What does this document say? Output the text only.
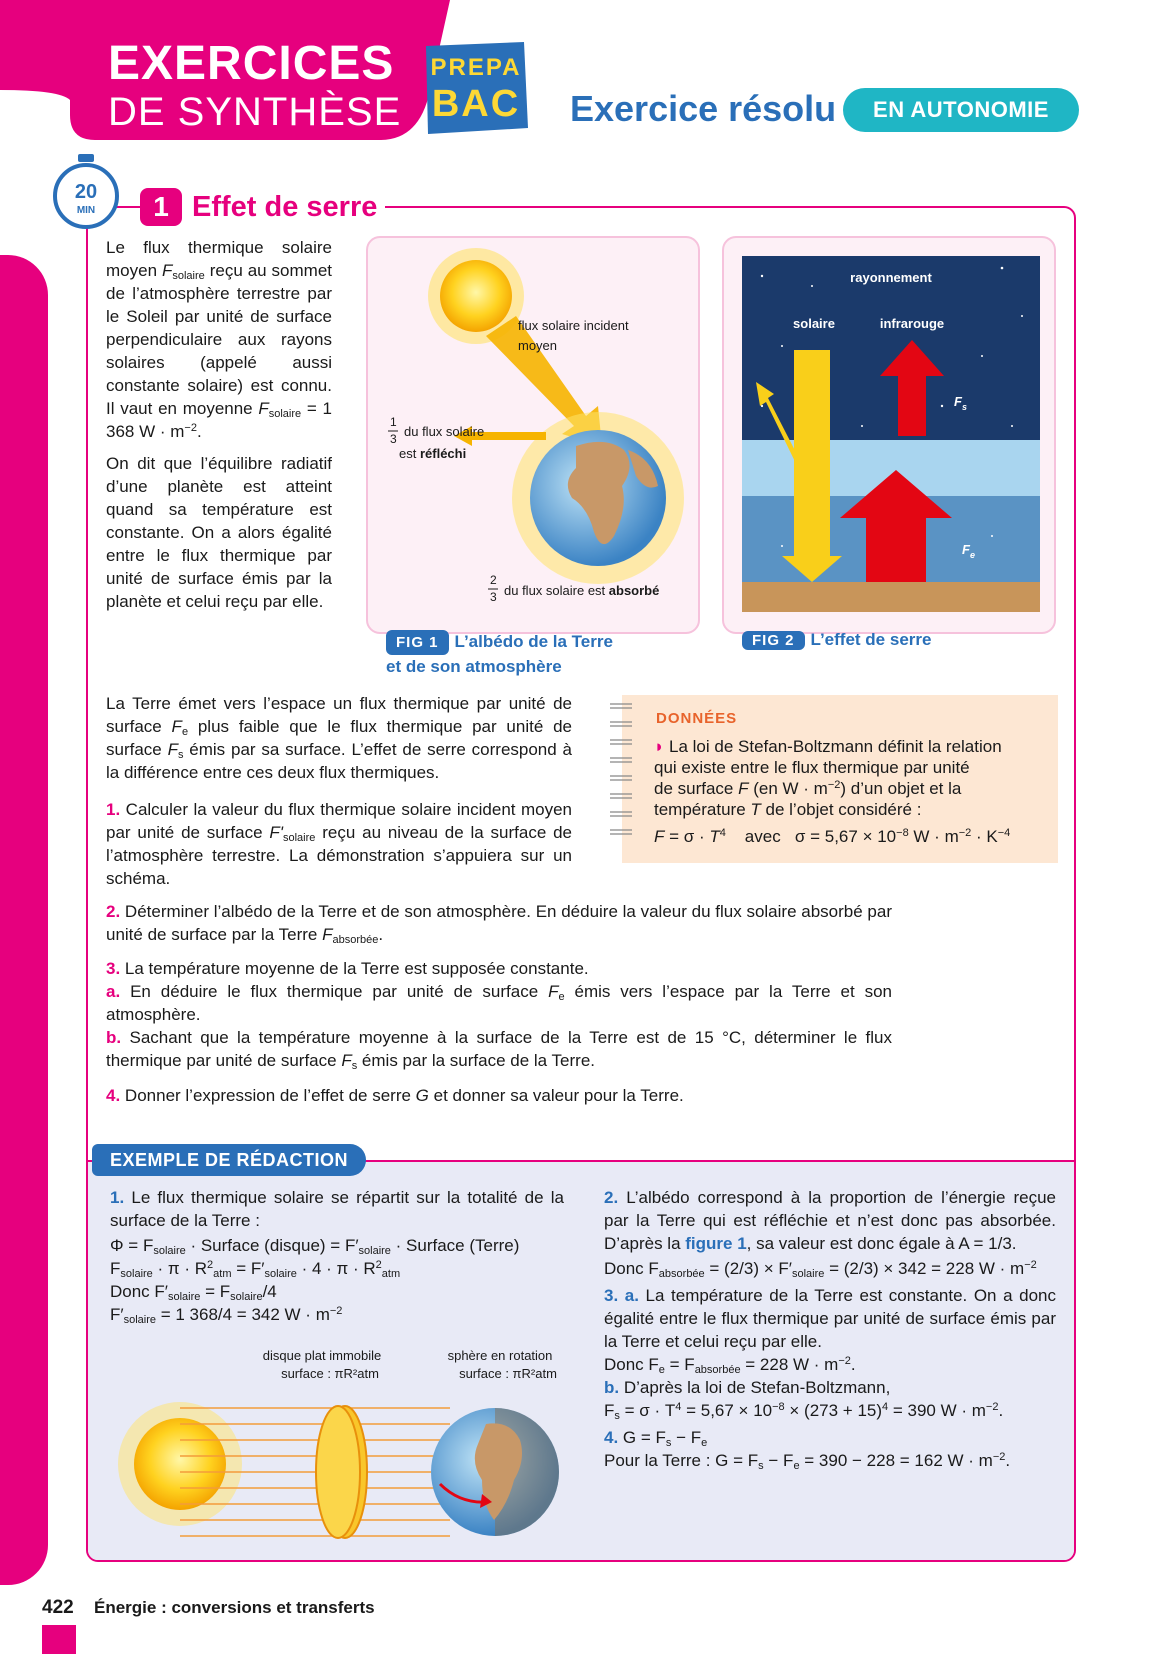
EXERCICES
DE SYNTHÈSE
PREPA
BAC Exercice résolu	EN AUTONOMIE
20
MIN	1 Effet de serre
Le flux thermique solaire moyen $F_{solaire}$ reçu au sommet de l’atmosphère terrestre par le Soleil par unité de surface perpendiculaire aux rayons solaires (appelé aussi constante solaire) est connu. Il vaut en moyenne $F_{solaire} = 1$ 368 $W \cdot m^{-2}$.
On dit que l’équilibre radiatif d’une planète est atteint quand sa température est constante. On a alors égalité entre le flux thermique par unité de surface émis par la planète et celui reçu par elle.
flux solaire incident
moyen
1
3 du flux solaire
est réfléchi
2
3 du flux solaire est absorbé
FIG 1 L’albédo de la Terre
et de son atmosphère
rayonnement
solaire	infrarouge
$F_s$
$F_e$
FIG 2 L’effet de serre
La Terre émet vers l’espace un flux thermique par unité de surface $F_e$ plus faible que le flux thermique par unité de surface $F_s$ émis par sa surface. L’effet de serre correspond à la différence entre ces deux flux thermiques.
1. Calculer la valeur du flux thermique solaire incident moyen par unité de surface $F'_{solaire}$ reçu au niveau de la surface de l’atmosphère terrestre. La démonstration s’appuiera sur un schéma.
DONNÉES
◗ La loi de Stefan-Boltzmann définit la relation
qui existe entre le flux thermique par unité
de surface F (en $W \cdot m^{-2}$) d’un objet et la
température T de l’objet considéré :
$F = \sigma \cdot T^4$ avec $\sigma = 5,67 \times 10^{-8}$ $W \cdot m^{-2} \cdot K^{-4}$
2. Déterminer l’albédo de la Terre et de son atmosphère. En déduire la valeur du flux solaire absorbé par unité de surface par la Terre $F_{absorbée}$.
3. La température moyenne de la Terre est supposée constante.
a. En déduire le flux thermique par unité de surface $F_e$ émis vers l’espace par la Terre et son atmosphère.
b. Sachant que la température moyenne à la surface de la Terre est de 15 °C, déterminer le flux thermique par unité de surface $F_s$ émis par la surface de la Terre.
4. Donner l’expression de l’effet de serre G et donner sa valeur pour la Terre.
EXEMPLE DE RÉDACTION
1. Le flux thermique solaire se répartit sur la totalité de la surface de la Terre :
$\Phi = F_{solaire}$ · Surface (disque) = $F'_{solaire}$ · Surface (Terre)
$F_{solaire} \cdot \pi \cdot R^2_{atm} = F'_{solaire} \cdot 4 \cdot \pi \cdot R^2_{atm}$
Donc $F'_{solaire} = F_{solaire}/4$
$F'_{solaire} = 1$ 368/4 = 342 $W \cdot m^{-2}$
disque plat immobile
surface : πR²atm
sphère en rotation
surface : πR²atm
2. L’albédo correspond à la proportion de l’énergie reçue par la Terre qui est réfléchie et n’est donc pas absorbée. D’après la figure 1, sa valeur est donc égale à A = 1/3.
Donc $F_{absorbée} = (2/3) \times F'_{solaire} = (2/3) \times 342 = 228$ $W \cdot m^{-2}$
3. a. La température de la Terre est constante. On a donc égalité entre le flux thermique par unité de surface émis par la Terre et celui reçu par elle.
Donc $F_e = F_{absorbée} = 228$ $W \cdot m^{-2}$.
b. D’après la loi de Stefan-Boltzmann,
$F_s = \sigma \cdot T^4 = 5,67 \times 10^{-8} \times (273 + 15)^4 = 390$ $W \cdot m^{-2}$.
4. $G = F_s - F_e$
Pour la Terre : $G = F_s - F_e = 390 - 228 = 162$ $W \cdot m^{-2}$.
422 Énergie : conversions et transferts
